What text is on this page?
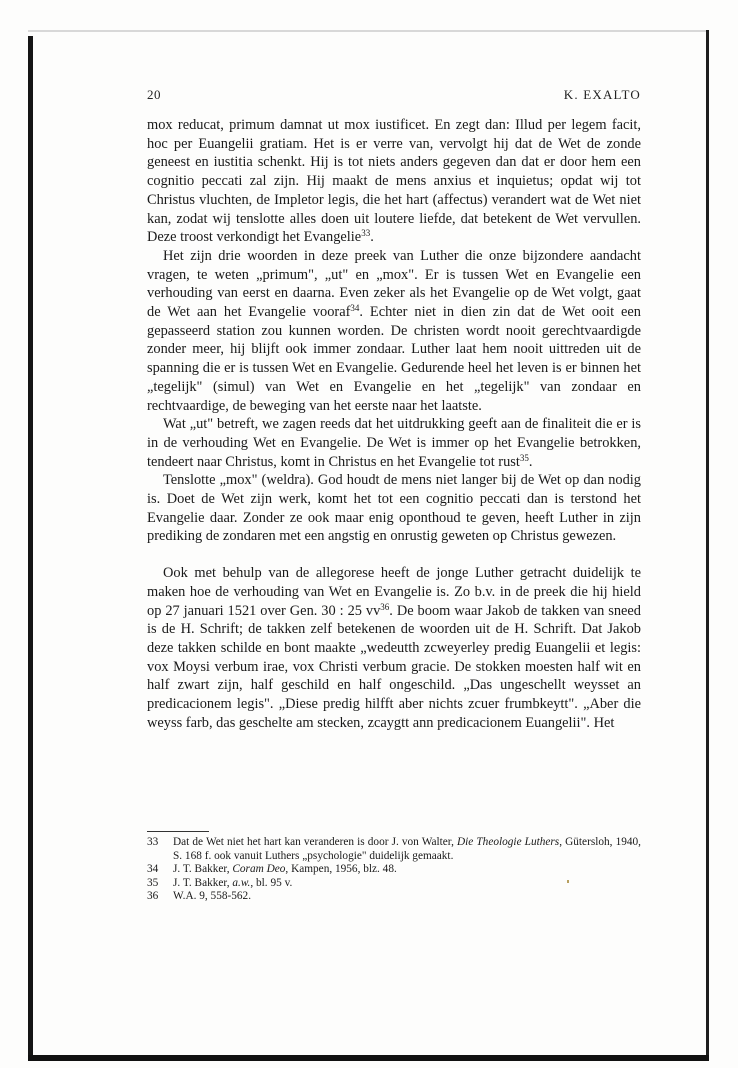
20	K. EXALTO

mox reducat, primum damnat ut mox iustificet. En zegt dan: Illud per legem facit, hoc per Euangelii gratiam. Het is er verre van, vervolgt hij dat de Wet de zonde geneest en iustitia schenkt. Hij is tot niets anders gegeven dan dat er door hem een cognitio peccati zal zijn. Hij maakt de mens anxius et inquietus; opdat wij tot Christus vluchten, de Impletor legis, die het hart (affectus) verandert wat de Wet niet kan, zodat wij tenslotte alles doen uit loutere liefde, dat betekent de Wet vervullen. Deze troost verkondigt het Evangelie$^{33}$.

Het zijn drie woorden in deze preek van Luther die onze bijzondere aandacht vragen, te weten „primum", „ut" en „mox". Er is tussen Wet en Evangelie een verhouding van eerst en daarna. Even zeker als het Evangelie op de Wet volgt, gaat de Wet aan het Evangelie vooraf$^{34}$. Echter niet in dien zin dat de Wet ooit een gepasseerd station zou kunnen worden. De christen wordt nooit gerechtvaardigde zonder meer, hij blijft ook immer zondaar. Luther laat hem nooit uittreden uit de spanning die er is tussen Wet en Evangelie. Gedurende heel het leven is er binnen het „tegelijk" (simul) van Wet en Evangelie en het „tegelijk" van zondaar en rechtvaardige, de beweging van het eerste naar het laatste.

Wat „ut" betreft, we zagen reeds dat het uitdrukking geeft aan de finaliteit die er is in de verhouding Wet en Evangelie. De Wet is immer op het Evangelie betrokken, tendeert naar Christus, komt in Christus en het Evangelie tot rust$^{35}$.

Tenslotte „mox" (weldra). God houdt de mens niet langer bij de Wet op dan nodig is. Doet de Wet zijn werk, komt het tot een cognitio peccati dan is terstond het Evangelie daar. Zonder ze ook maar enig oponthoud te geven, heeft Luther in zijn prediking de zondaren met een angstig en onrustig geweten op Christus gewezen.

Ook met behulp van de allegorese heeft de jonge Luther getracht duidelijk te maken hoe de verhouding van Wet en Evangelie is. Zo b.v. in de preek die hij hield op 27 januari 1521 over Gen. 30 : 25 $vv^{36}$. De boom waar Jakob de takken van sneed is de H. Schrift; de takken zelf betekenen de woorden uit de H. Schrift. Dat Jakob deze takken schilde en bont maakte „wedeutth zcweyerley predig Euangelii et legis: vox Moysi verbum irae, vox Christi verbum gracie. De stokken moesten half wit en half zwart zijn, half geschild en half ongeschild. „Das ungeschellt weysset an predicacionem legis". „Diese predig hilfft aber nichts zcuer frumbkeytt". „Aber die weyss farb, das geschelte am stecken, zcaygtt ann predicacionem Euangelii". Het

33 Dat de Wet niet het hart kan veranderen is door J. von Walter, Die Theologie Luthers, Gütersloh, 1940, S. 168 f. ook vanuit Luthers „psychologie" duidelijk gemaakt.
34 J. T. Bakker, Coram Deo, Kampen, 1956, blz. 48.
35 J. T. Bakker, a.w., bl. 95 v.
36 W.A. 9, 558-562.
